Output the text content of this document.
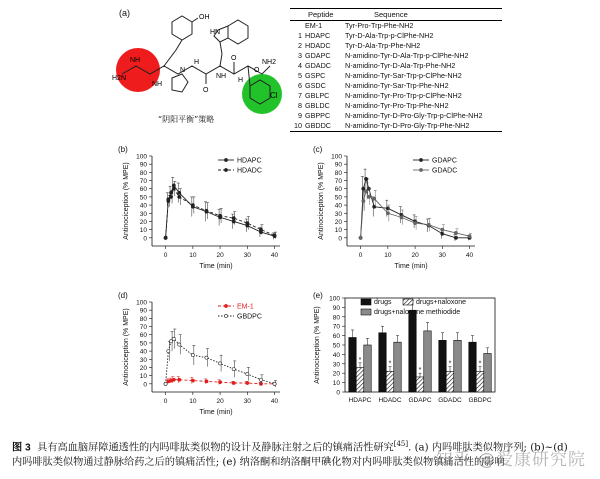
(a)	OH
HN
NH
H2N
N
NH
NH
NH2
H
H
O
O
O
Cl
“阴阳平衡”策略
Peptide	Sequence
EM-1	Tyr-Pro-Trp-Phe-NH2
1 HDAPC	Tyr-D-Ala-Trp-p-ClPhe-NH2
2 HDADC	Tyr-D-Ala-Trp-Phe-NH2
3 GDAPC	N-amidino-Tyr-D-Ala-Trp-p-ClPhe-NH2
4 GDADC	N-amidino-Tyr-D-Ala-Trp-Phe-NH2
5 GSPC	N-amidino-Tyr-Sar-Trp-p-ClPhe-NH2
6 GSDC	N-amidino-Tyr-Sar-Trp-Phe-NH2
7 GBLPC	N-amidino-Tyr-Pro-Trp-p-ClPhe-NH2
8 GBLDC	N-amidino-Tyr-Pro-Trp-Phe-NH2
9 GBPPC	N-amidino-Tyr-D-Pro-Gly-Trp-p-ClPhe-NH2
10 GBDDC	N-amidino-Tyr-D-Pro-Gly-Trp-Phe-NH2
(b)
0
10
20
30
40
50
60
70
80
90
100
0	10	20	30	40
Time (min)
Antinociception (% MPE)
HDAPC
HDADC
(c)
0
10
20
30
40
50
60
70
80
90
100
0	10	20	30	40
Time (min)
Antinociception (% MPE)
GDAPC
GDADC
(d)
0
10
20
30
40
50
60
70
80
90
100
0	10	20	30	40
Time (min)
Antinociception (% MPE)
EM-1
GBDPC
(e)
0
10
20
30
40
50
60
70
80
90
100
Antinociception (% MPE)	*
HDAPC
*
HDADC
*
GDAPC
*
GDADC
*
GBDPC
drugs	drugs+naloxone
drugs+naloxone methiodide
图 3 具有高血脑屏障通透性的内吗啡肽类似物的设计及静脉注射之后的镇痛活性研究[45]. (a) 内吗啡肽类似物序列; (b)~(d)
内吗啡肽类似物通过静脉给药之后的镇痛活性; (e) 纳洛酮和纳洛酮甲碘化物对内吗啡肽类似物镇痛活性的影响
知乎 @爱康研究院
